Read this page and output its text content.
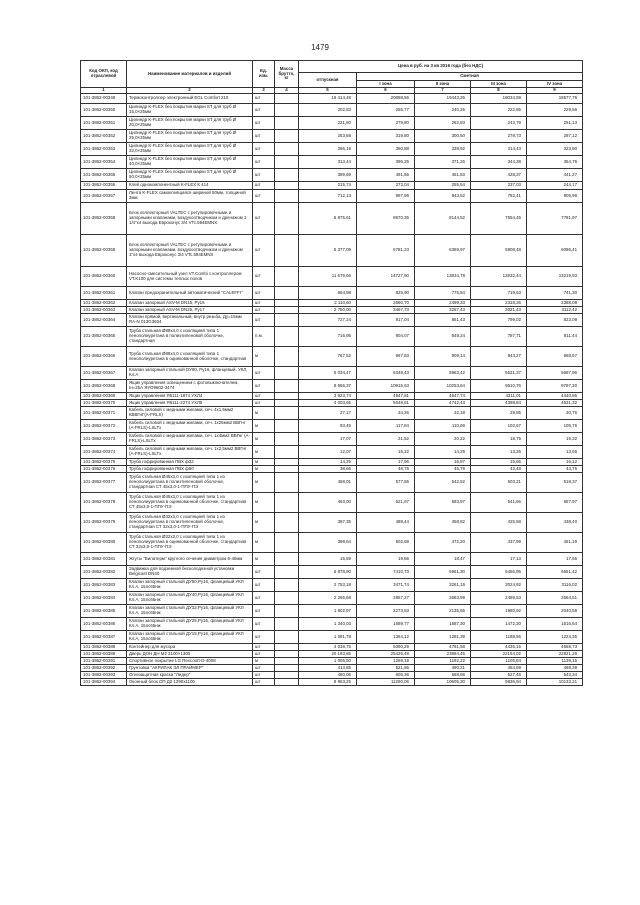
1479
Код ОКП, код отраслевой	Наименование материалов и изделий	Ед. изм.	Масса брутто, кг	Цена в руб. на 3 кв 2016 года (без НДС)				
				отпускная	Сметная			
					I зона	II зона	III зона	IV зона
1	2	3	4	5	6	7	8	9
101-3862-00349	Термоконтроллер электронный EGL Comfort 210	шт		16 414,48	20898,56	19443,25	18034,59	18577,75
101-3862-00350	Цилиндр K-FLEX без покрытия марки ST для труб Ø 15,0×25мм	шт		202,83	255,77	240,26	222,85	229,56
101-3862-00351	Цилиндр K-FLEX без покрытия марки ST для труб Ø 20,0×25мм	шт		221,80	279,80	262,83	243,79	251,13
101-3862-00352	Цилиндр K-FLEX без покрытия марки ST для труб Ø 25,0×25мм	шт		253,59	319,80	300,50	278,73	287,12
101-3862-00353	Цилиндр K-FLEX без покрытия марки ST для труб Ø 32,0×25мм	шт		286,19	360,88	338,92	314,43	323,90
101-3862-00354	Цилиндр K-FLEX без покрытия марки ST для труб Ø 40,0×25мм	шт		313,44	395,25	371,26	344,38	354,75
101-3862-00355	Цилиндр K-FLEX без покрытия марки ST для труб Ø 50,0×25мм	шт		389,69	491,65	461,83	428,37	441,27
101-3862-00356	Клей однокомпонентный K-FLEX К 414	шт		215,74	272,04	255,54	237,03	244,17
101-3862-00357	Лента K-FLEX самоклеящаяся шириной 50мм, толщиной 3мм	шт		712,13	897,99	843,52	782,41	805,98
101-3862-00358	Блок коллекторный VALTEC с регулировочными и запорными клапанами, воздухоотводчиком и дренажом 1 1/4"x4 выхода Евроконус 3/4 VTc.594EMNX	шт		6 875,61	8670,35	8144,52	7554,45	7781,97
101-3862-00359	Блок коллекторный VALTEC с регулировочными и запорными клапанами, воздухоотводчиком и дренажом 1"x4 выхода Евроконус 3/4 VTc.594EMNX	шт		5 377,09	6781,23	6369,97	5908,48	6086,41
101-3862-00360	Насосно-смесительный узел VT.Combi с контроллером VT.K100 для системы теплых полов	шт		11 679,66	14727,90	13834,78	12832,44	13219,93
101-3862-00361	Клапан предохранительный автоматический "CALEFFI"	шт		654,98	825,90	775,84	719,63	741,30
101-3862-00362	Клапан запорный ASV-M DN15, Ру16	шт		2 110,60	2660,70	2499,33	2318,26	2388,08
101-3862-00363	Клапан запорный ASV-M DN25, Ру17	шт		2 750,00	3467,73	3257,43	3021,43	3112,42
101-3862-00364	Клапан прямой, вертикальный, внутр.резьба, Ду=15мм RA-N 013G3604	шт		727,24	917,04	861,43	799,02	823,09
101-3862-00365	Труба стальная Ø89x4,0 с изоляцией типа 1 пенополиуретана в полиэтиленовой оболочке, стандартная	п.м.		716,95	904,07	849,24	787,71	811,44
101-3862-00366	Труба стальная Ø89x4,0 с изоляцией типа 1 пенополиуретана в оцинкованной оболочке, стандартная	м		767,52	967,83	909,14	843,27	868,67
101-3862-00367	Клапан запорный стальной DУ80, Ру16, фланцевый, УКЛ, Кл.А	шт		5 034,47	6348,43	5963,42	5531,37	5697,96
101-3862-00368	Ящик управления освещением с фотовыключателем, Iн=25А ЯУО9602-3474	шт		8 656,37	10915,63	10253,64	9510,76	9797,20
101-3862-00369	Ящик управления Я5111-1874 УХЛ4	шт		3 923,74	4947,81	4647,74	4311,01	4440,85
101-3862-00370	Ящик управления Я5111-2274 УХЛ5	шт		4 003,66	5048,61	4742,43	4398,84	4531,32
101-3862-00371	Кабель силовой с медными жилами, сеч. 4x1,5мм2 КВВГнГ(А-FRLS)	м		27,17	34,26	32,18	29,85	30,75
101-3862-00372	Кабель силовой с медными жилами, сеч. 1x25мм2 ВВГнг (А-FRLS)-LSLTx	м		93,45	117,84	110,69	102,67	105,76
101-3862-00373	Кабель силовой с медными жилами, сеч. 1x4мм2 ВВГнг (А-FRLS)-LSLTx	м		17,07	21,52	20,22	18,75	19,32
101-3862-00374	Кабель силовой с медными жилами, сеч. 1x2,5мм2 ВВГнг (А-FRLS)-LSLTx	м		12,07	15,22	14,29	13,26	13,66
101-3862-00375	Труба гофрированная ПВХ ф32	м		14,25	17,96	16,87	15,65	16,12
101-3862-00376	Труба гофрированная ПВХ ф50	м		38,66	48,75	45,79	42,48	43,76
101-3862-00377	Труба стальная Ø45x3,0 с изоляцией типа 1 из пенополиуретана в полиэтиленовой оболочке, стандартная СТ 45x3,0-1-ППУ-ПЭ	м		458,01	577,55	542,52	503,21	518,37
101-3862-00378	Труба стальная Ø45x3,0 с изоляцией типа 1 из пенополиуретана в оцинкованной оболочке, стандартная СТ 45x3,0-1-ППУ-ПЭ	м		493,00	621,67	583,97	541,66	557,97
101-3862-00379	Труба стальная Ø32x3,0 с изоляцией типа 1 из пенополиуретана в полиэтиленовой оболочке, стандартная СТ 32x3,0-1-ППУ-ПЭ	м		387,35	488,44	458,82	425,58	438,40
101-3862-00380	Труба стальная Ø32x3,0 с изоляцией типа 1 из пенополиуретана в оцинкованной оболочке, стандартная СТ 32x3,0-1-ППУ-ПЭ	м		398,64	502,69	472,20	437,99	451,19
101-3862-00381	Жгуты "Вилатерм" круглого сечения диаметром 6-40мм	м		15,59	19,66	18,47	17,13	17,65
101-3862-00382	Задвижка для подземной бесколодезной установки Belgicast DN40	шт		5 878,90	7410,73	6961,30	6456,95	6651,42
101-3862-00383	Клапан запорный стальной ДУ50,Ру16, фланцевый УКЛ Кл.А, 15лс65нж	шт		2 753,18	3471,74	3261,19	3024,92	3116,02
101-3862-00384	Клапан запорный стальной ДУ40,Ру16, фланцевый УКЛ Кл.А, 15лс65нж	шт		2 265,68	2857,27	2683,99	2489,53	2564,51
101-3862-00385	Клапан запорный стальной ДУ32,Ру16, фланцевый УКЛ Кл.А, 15лс65нж	шт		1 802,97	2273,53	2135,65	1980,92	2040,58
101-3862-00386	Клапан запорный стальной ДУ25,Ру16, фланцевый УКЛ Кл.А, 15лс65нж	шт		1 340,03	1689,77	1587,30	1472,30	1516,64
101-3862-00387	Клапан запорный стальной ДУ15,Ру16, фланцевый УКЛ Кл.А, 15лс65нж	шт		1 081,78	1364,12	1281,39	1188,55	1224,35
101-3862-00388	Контейнер для мусора	шт		4 038,75	5090,29	4781,58	4435,15	4568,73
101-3862-00389	Дверь ДОН ДН М2 2100×1300	шт		20 183,85	25426,49	23884,45	22154,02	22821,25
101-3862-00391	Спортивное покрытие LG Rexcourt-D-4008	м		1 006,50	1269,19	1192,22	1105,84	1139,15
101-3862-00392	Грунтовка "АКРИЛАК ЭЛ ПРАЙМЕР"	шт		413,85	521,86	490,21	454,69	468,39
101-3862-00393	Огнезащитная краска "Лидер"	шт		480,06	605,36	568,65	527,45	543,34
101-3862-00394	Оконный блок ОП Д2 1290x1100	шт		8 953,25	11290,06	10605,30	9836,94	10133,21
